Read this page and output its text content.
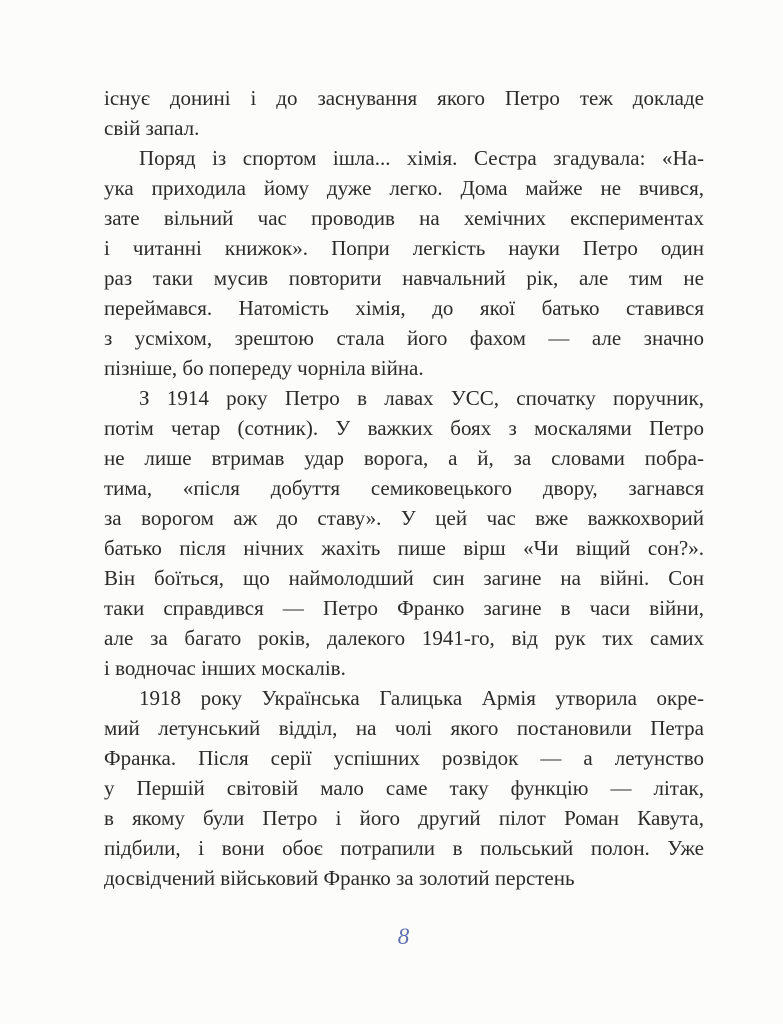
існує донині і до заснування якого Петро теж докладе
свій запал.
Поряд із спортом ішла... хімія. Сестра згадувала: «На-
ука приходила йому дуже легко. Дома майже не вчився,
зате вільний час проводив на хемічних експериментах
і читанні книжок». Попри легкість науки Петро один
раз таки мусив повторити навчальний рік, але тим не
переймався. Натомість хімія, до якої батько ставився
з усміхом, зрештою стала його фахом — але значно
пізніше, бо попереду чорніла війна.
З 1914 року Петро в лавах УСС, спочатку поручник,
потім четар (сотник). У важких боях з москалями Петро
не лише втримав удар ворога, а й, за словами побра-
тима, «після добуття семиковецького двору, загнався
за ворогом аж до ставу». У цей час вже важкохворий
батько після нічних жахіть пише вірш «Чи віщий сон?».
Він боїться, що наймолодший син загине на війні. Сон
таки справдився — Петро Франко загине в часи війни,
але за багато років, далекого 1941-го, від рук тих самих
і водночас інших москалів.
1918 року Українська Галицька Армія утворила окре-
мий летунський відділ, на чолі якого постановили Петра
Франка. Після серії успішних розвідок — а летунство
у Першій світовій мало саме таку функцію — літак,
в якому були Петро і його другий пілот Роман Кавута,
підбили, і вони обоє потрапили в польський полон. Уже
досвідчений військовий Франко за золотий перстень
8
